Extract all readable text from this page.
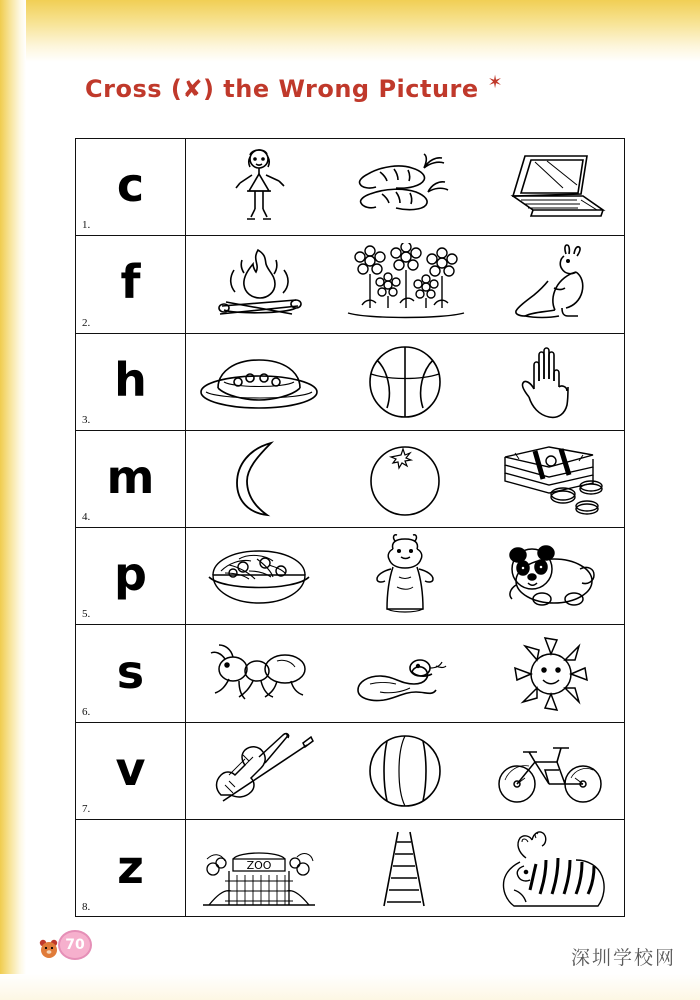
Cross (✘) the Wrong Picture ✶
1.
c
2.
f
3.
h
4.
m
5.
p
6.
s
7.
v
8.
z	ZOO
70
深圳学校网
